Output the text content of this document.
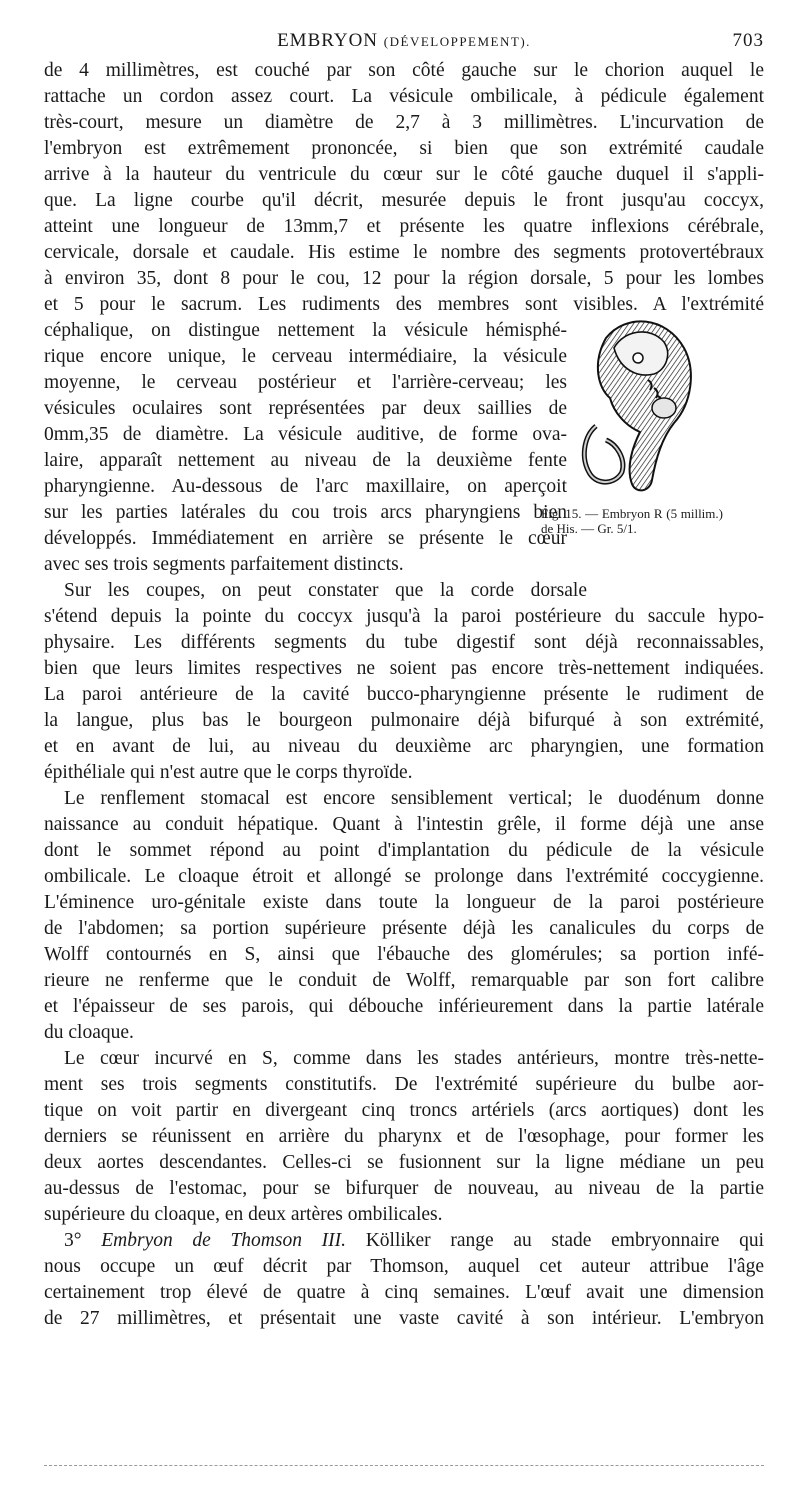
EMBRYON (DÉVELOPPEMENT).	703
de 4 millimètres, est couché par son côté gauche sur le chorion auquel le
rattache un cordon assez court. La vésicule ombilicale, à pédicule également
très-court, mesure un diamètre de 2,7 à 3 millimètres. L'incurvation de
l'embryon est extrêmement prononcée, si bien que son extrémité caudale
arrive à la hauteur du ventricule du cœur sur le côté gauche duquel il s'appli-
que. La ligne courbe qu'il décrit, mesurée depuis le front jusqu'au coccyx,
atteint une longueur de 13mm,7 et présente les quatre inflexions cérébrale,
cervicale, dorsale et caudale. His estime le nombre des segments protovertébraux
à environ 35, dont 8 pour le cou, 12 pour la région dorsale, 5 pour les lombes
et 5 pour le sacrum. Les rudiments des membres sont visibles. A l'extrémité
céphalique, on distingue nettement la vésicule hémisphé-
rique encore unique, le cerveau intermédiaire, la vésicule
moyenne, le cerveau postérieur et l'arrière-cerveau; les
vésicules oculaires sont représentées par deux saillies de
0mm,35 de diamètre. La vésicule auditive, de forme ova-
laire, apparaît nettement au niveau de la deuxième fente
pharyngienne. Au-dessous de l'arc maxillaire, on aperçoit
sur les parties latérales du cou trois arcs pharyngiens bien
développés. Immédiatement en arrière se présente le cœur
avec ses trois segments parfaitement distincts.
Sur les coupes, on peut constater que la corde dorsale
s'étend depuis la pointe du coccyx jusqu'à la paroi postérieure du saccule hypo-
physaire. Les différents segments du tube digestif sont déjà reconnaissables,
bien que leurs limites respectives ne soient pas encore très-nettement indiquées.
La paroi antérieure de la cavité bucco-pharyngienne présente le rudiment de
la langue, plus bas le bourgeon pulmonaire déjà bifurqué à son extrémité,
et en avant de lui, au niveau du deuxième arc pharyngien, une formation
épithéliale qui n'est autre que le corps thyroïde.
Le renflement stomacal est encore sensiblement vertical; le duodénum donne
naissance au conduit hépatique. Quant à l'intestin grêle, il forme déjà une anse
dont le sommet répond au point d'implantation du pédicule de la vésicule
ombilicale. Le cloaque étroit et allongé se prolonge dans l'extrémité coccygienne.
L'éminence uro-génitale existe dans toute la longueur de la paroi postérieure
de l'abdomen; sa portion supérieure présente déjà les canalicules du corps de
Wolff contournés en S, ainsi que l'ébauche des glomérules; sa portion infé-
rieure ne renferme que le conduit de Wolff, remarquable par son fort calibre
et l'épaisseur de ses parois, qui débouche inférieurement dans la partie latérale
du cloaque.
Le cœur incurvé en S, comme dans les stades antérieurs, montre très-nette-
ment ses trois segments constitutifs. De l'extrémité supérieure du bulbe aor-
tique on voit partir en divergeant cinq troncs artériels (arcs aortiques) dont les
derniers se réunissent en arrière du pharynx et de l'œsophage, pour former les
deux aortes descendantes. Celles-ci se fusionnent sur la ligne médiane un peu
au-dessus de l'estomac, pour se bifurquer de nouveau, au niveau de la partie
supérieure du cloaque, en deux artères ombilicales.
3° Embryon de Thomson III. Kölliker range au stade embryonnaire qui
nous occupe un œuf décrit par Thomson, auquel cet auteur attribue l'âge
certainement trop élevé de quatre à cinq semaines. L'œuf avait une dimension
de 27 millimètres, et présentait une vaste cavité à son intérieur. L'embryon
Fig. 15. — Embryon R (5 millim.) de His. — Gr. 5/1.
